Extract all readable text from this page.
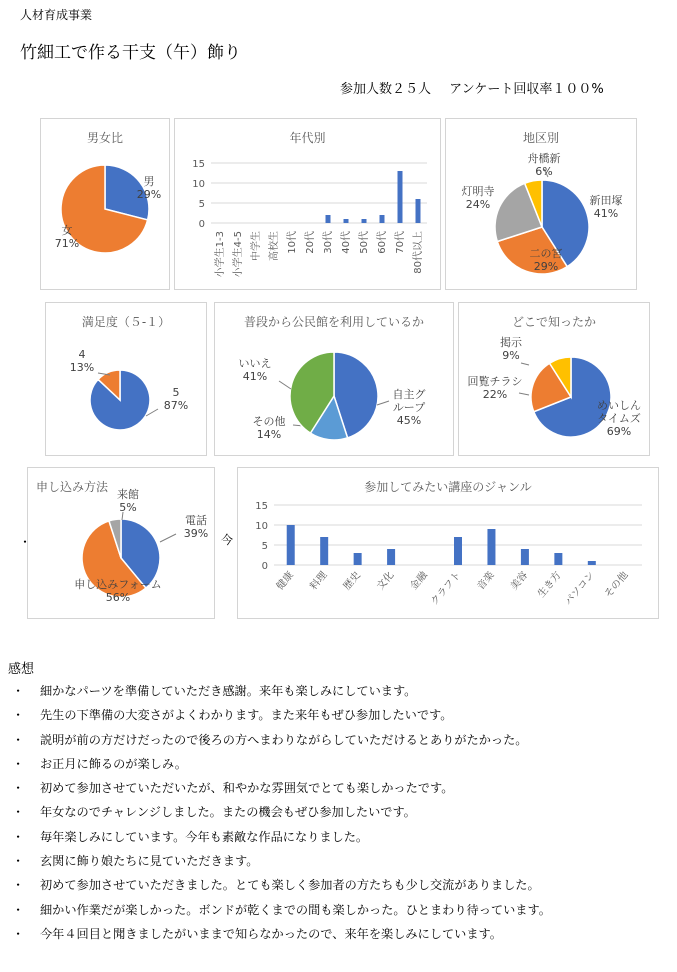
人材育成事業
竹細工で作る干支（午）飾り
参加人数２５人 アンケート回収率１００%
男女比
男
29%
女
71%
年代別
0
5
10
15
小学生1-3 小学生4-5 中学生 高校生 10代 20代 30代 40代 50代 60代 70代 80代以上
地区別
新田塚
41%
二の宮
29%
灯明寺
24%
舟橋新
6%
満足度（５-１）
5
87%
4
13%
普段から公民館を利用しているか
自主グ
ループ
45%
その他
14%
いいえ
41%
どこで知ったか
めいしん
タイムズ
69%
回覧チラシ
22%
掲示
9%
申し込み方法
電話
39%
申し込みフォーム
56%
来館
5%
・	今
参加してみたい講座のジャンル
0
5
10
15
健康 料理 歴史 文化 金融 クラフト 音楽 美容 生き方 パソコン その他
感想
・	細かなパーツを準備していただき感謝。来年も楽しみにしています。
・	先生の下準備の大変さがよくわかります。また来年もぜひ参加したいです。
・	説明が前の方だけだったので後ろの方へまわりながらしていただけるとありがたかった。
・	お正月に飾るのが楽しみ。
・	初めて参加させていただいたが、和やかな雰囲気でとても楽しかったです。
・	年女なのでチャレンジしました。またの機会もぜひ参加したいです。
・	毎年楽しみにしています。今年も素敵な作品になりました。
・	玄関に飾り娘たちに見ていただきます。
・	初めて参加させていただきました。とても楽しく参加者の方たちも少し交流がありました。
・	細かい作業だが楽しかった。ボンドが乾くまでの間も楽しかった。ひとまわり待っています。
・	今年４回目と聞きましたがいままで知らなかったので、来年を楽しみにしています。
